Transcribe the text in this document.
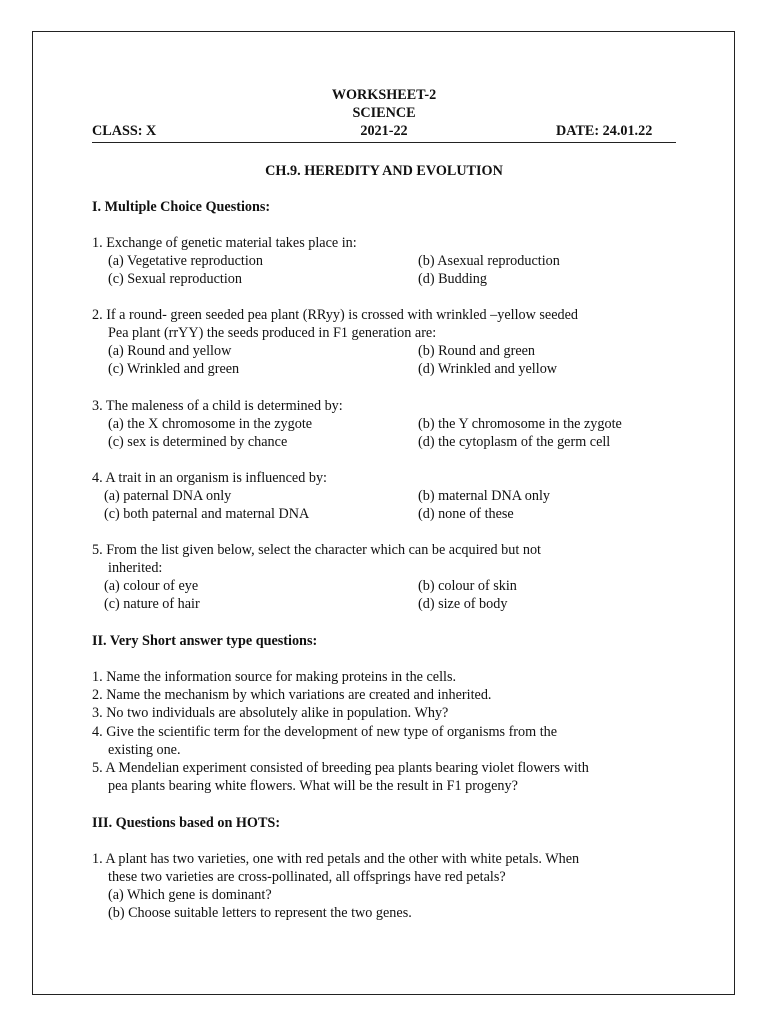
WORKSHEET-2
SCIENCE
CLASS: X	2021-22	DATE: 24.01.22
CH.9. HEREDITY AND EVOLUTION
I. Multiple Choice Questions:
1. Exchange of genetic material takes place in:
(a) Vegetative reproduction	(b) Asexual reproduction
(c) Sexual reproduction	(d) Budding
2. If a round- green seeded pea plant (RRyy) is crossed with wrinkled –yellow seeded
Pea plant (rrYY) the seeds produced in F1 generation are:
(a) Round and yellow	(b) Round and green
(c) Wrinkled and green	(d) Wrinkled and yellow
3. The maleness of a child is determined by:
(a) the X chromosome in the zygote	(b) the Y chromosome in the zygote
(c) sex is determined by chance	(d) the cytoplasm of the germ cell
4. A trait in an organism is influenced by:
(a) paternal DNA only	(b) maternal DNA only
(c) both paternal and maternal DNA	(d) none of these
5. From the list given below, select the character which can be acquired but not
inherited:
(a) colour of eye	(b) colour of skin
(c) nature of hair	(d) size of body
II. Very Short answer type questions:
1. Name the information source for making proteins in the cells.
2. Name the mechanism by which variations are created and inherited.
3. No two individuals are absolutely alike in population. Why?
4. Give the scientific term for the development of new type of organisms from the
existing one.
5. A Mendelian experiment consisted of breeding pea plants bearing violet flowers with
pea plants bearing white flowers. What will be the result in F1 progeny?
III. Questions based on HOTS:
1. A plant has two varieties, one with red petals and the other with white petals. When
these two varieties are cross-pollinated, all offsprings have red petals?
(a) Which gene is dominant?
(b) Choose suitable letters to represent the two genes.
